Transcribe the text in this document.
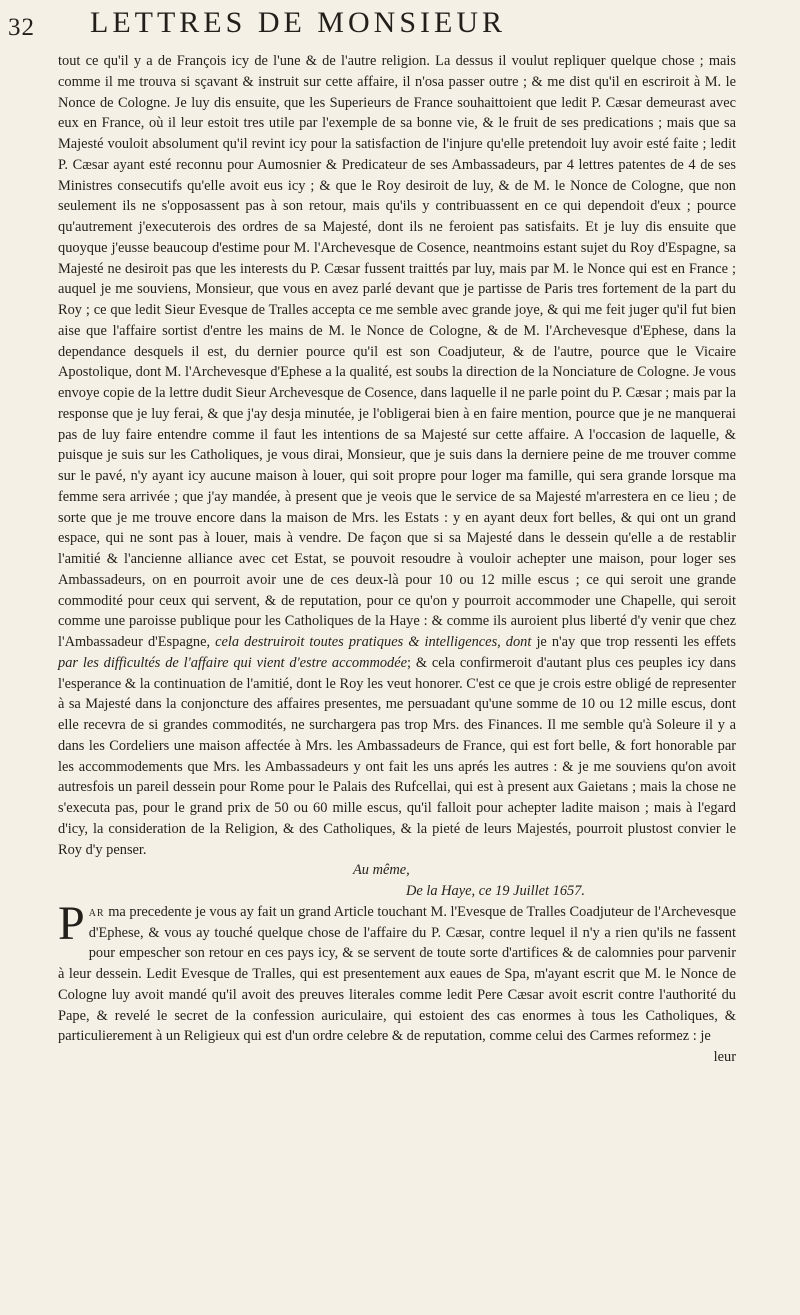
32 LETTRES DE MONSIEUR

tout ce qu'il y a de François icy de l'une & de l'autre religion. La dessus il voulut repliquer quelque chose ; mais comme il me trouva si sçavant & instruit sur cette affaire, il n'osa passer outre ; & me dist qu'il en escriroit à M. le Nonce de Cologne. Je luy dis ensuite, que les Superieurs de France souhaittoient que ledit P. Cæsar demeurast avec eux en France, où il leur estoit tres utile par l'exemple de sa bonne vie, & le fruit de ses predications ; mais que sa Majesté vouloit absolument qu'il revint icy pour la satisfaction de l'injure qu'elle pretendoit luy avoir esté faite ; ledit P. Cæsar ayant esté reconnu pour Aumosnier & Predicateur de ses Ambassadeurs, par 4 lettres patentes de 4 de ses Ministres consecutifs qu'elle avoit eus icy ; & que le Roy desiroit de luy, & de M. le Nonce de Cologne, que non seulement ils ne s'opposassent pas à son retour, mais qu'ils y contribuassent en ce qui dependoit d'eux ; pource qu'autrement j'executerois des ordres de sa Majesté, dont ils ne feroient pas satisfaits. Et je luy dis ensuite que quoyque j'eusse beaucoup d'estime pour M. l'Archevesque de Cosence, neantmoins estant sujet du Roy d'Espagne, sa Majesté ne desiroit pas que les interests du P. Cæsar fussent traittés par luy, mais par M. le Nonce qui est en France ; auquel je me souviens, Monsieur, que vous en avez parlé devant que je partisse de Paris tres fortement de la part du Roy ; ce que ledit Sieur Evesque de Tralles accepta ce me semble avec grande joye, & qui me feit juger qu'il fut bien aise que l'affaire sortist d'entre les mains de M. le Nonce de Cologne, & de M. l'Archevesque d'Ephese, dans la dependance desquels il est, du dernier pource qu'il est son Coadjuteur, & de l'autre, pource que le Vicaire Apostolique, dont M. l'Archevesque d'Ephese a la qualité, est soubs la direction de la Nonciature de Cologne. Je vous envoye copie de la lettre dudit Sieur Archevesque de Cosence, dans laquelle il ne parle point du P. Cæsar ; mais par la response que je luy ferai, & que j'ay desja minutée, je l'obligerai bien à en faire mention, pource que je ne manquerai pas de luy faire entendre comme il faut les intentions de sa Majesté sur cette affaire. A l'occasion de laquelle, & puisque je suis sur les Catholiques, je vous dirai, Monsieur, que je suis dans la derniere peine de me trouver comme sur le pavé, n'y ayant icy aucune maison à louer, qui soit propre pour loger ma famille, qui sera grande lorsque ma femme sera arrivée ; que j'ay mandée, à present que je veois que le service de sa Majesté m'arrestera en ce lieu ; de sorte que je me trouve encore dans la maison de Mrs. les Estats : y en ayant deux fort belles, & qui ont un grand espace, qui ne sont pas à louer, mais à vendre. De façon que si sa Majesté dans le dessein qu'elle a de restablir l'amitié & l'ancienne alliance avec cet Estat, se pouvoit resoudre à vouloir achepter une maison, pour loger ses Ambassadeurs, on en pourroit avoir une de ces deux-là pour 10 ou 12 mille escus ; ce qui seroit une grande commodité pour ceux qui servent, & de reputation, pour ce qu'on y pourroit accommoder une Chapelle, qui seroit comme une paroisse publique pour les Catholiques de la Haye : & comme ils auroient plus liberté d'y venir que chez l'Ambassadeur d'Espagne, cela destruiroit toutes pratiques & intelligences, dont je n'ay que trop ressenti les effets par les difficultés de l'affaire qui vient d'estre accommodée; & cela confirmeroit d'autant plus ces peuples icy dans l'esperance & la continuation de l'amitié, dont le Roy les veut honorer. C'est ce que je crois estre obligé de representer à sa Majesté dans la conjoncture des affaires presentes, me persuadant qu'une somme de 10 ou 12 mille escus, dont elle recevra de si grandes commodités, ne surchargera pas trop Mrs. des Finances. Il me semble qu'à Soleure il y a dans les Cordeliers une maison affectée à Mrs. les Ambassadeurs de France, qui est fort belle, & fort honorable par les accommodements que Mrs. les Ambassadeurs y ont fait les uns aprés les autres : & je me souviens qu'on avoit autresfois un pareil dessein pour Rome pour le Palais des Rufcellai, qui est à present aux Gaietans ; mais la chose ne s'executa pas, pour le grand prix de 50 ou 60 mille escus, qu'il falloit pour achepter ladite maison ; mais à l'egard d'icy, la consideration de la Religion, & des Catholiques, & la pieté de leurs Majestés, pourroit plustost convier le Roy d'y penser.

Au même,

De la Haye, ce 19 Juillet 1657.

Par ma precedente je vous ay fait un grand Article touchant M. l'Evesque de Tralles Coadjuteur de l'Archevesque d'Ephese, & vous ay touché quelque chose de l'affaire du P. Cæsar, contre lequel il n'y a rien qu'ils ne fassent pour empescher son retour en ces pays icy, & se servent de toute sorte d'artifices & de calomnies pour parvenir à leur dessein. Ledit Evesque de Tralles, qui est presentement aux eaues de Spa, m'ayant escrit que M. le Nonce de Cologne luy avoit mandé qu'il avoit des preuves literales comme ledit Pere Cæsar avoit escrit contre l'authorité du Pape, & revelé le secret de la confession auriculaire, qui estoient des cas enormes à tous les Catholiques, & particulierement à un Religieux qui est d'un ordre celebre & de reputation, comme celui des Carmes reformez : je

leur
